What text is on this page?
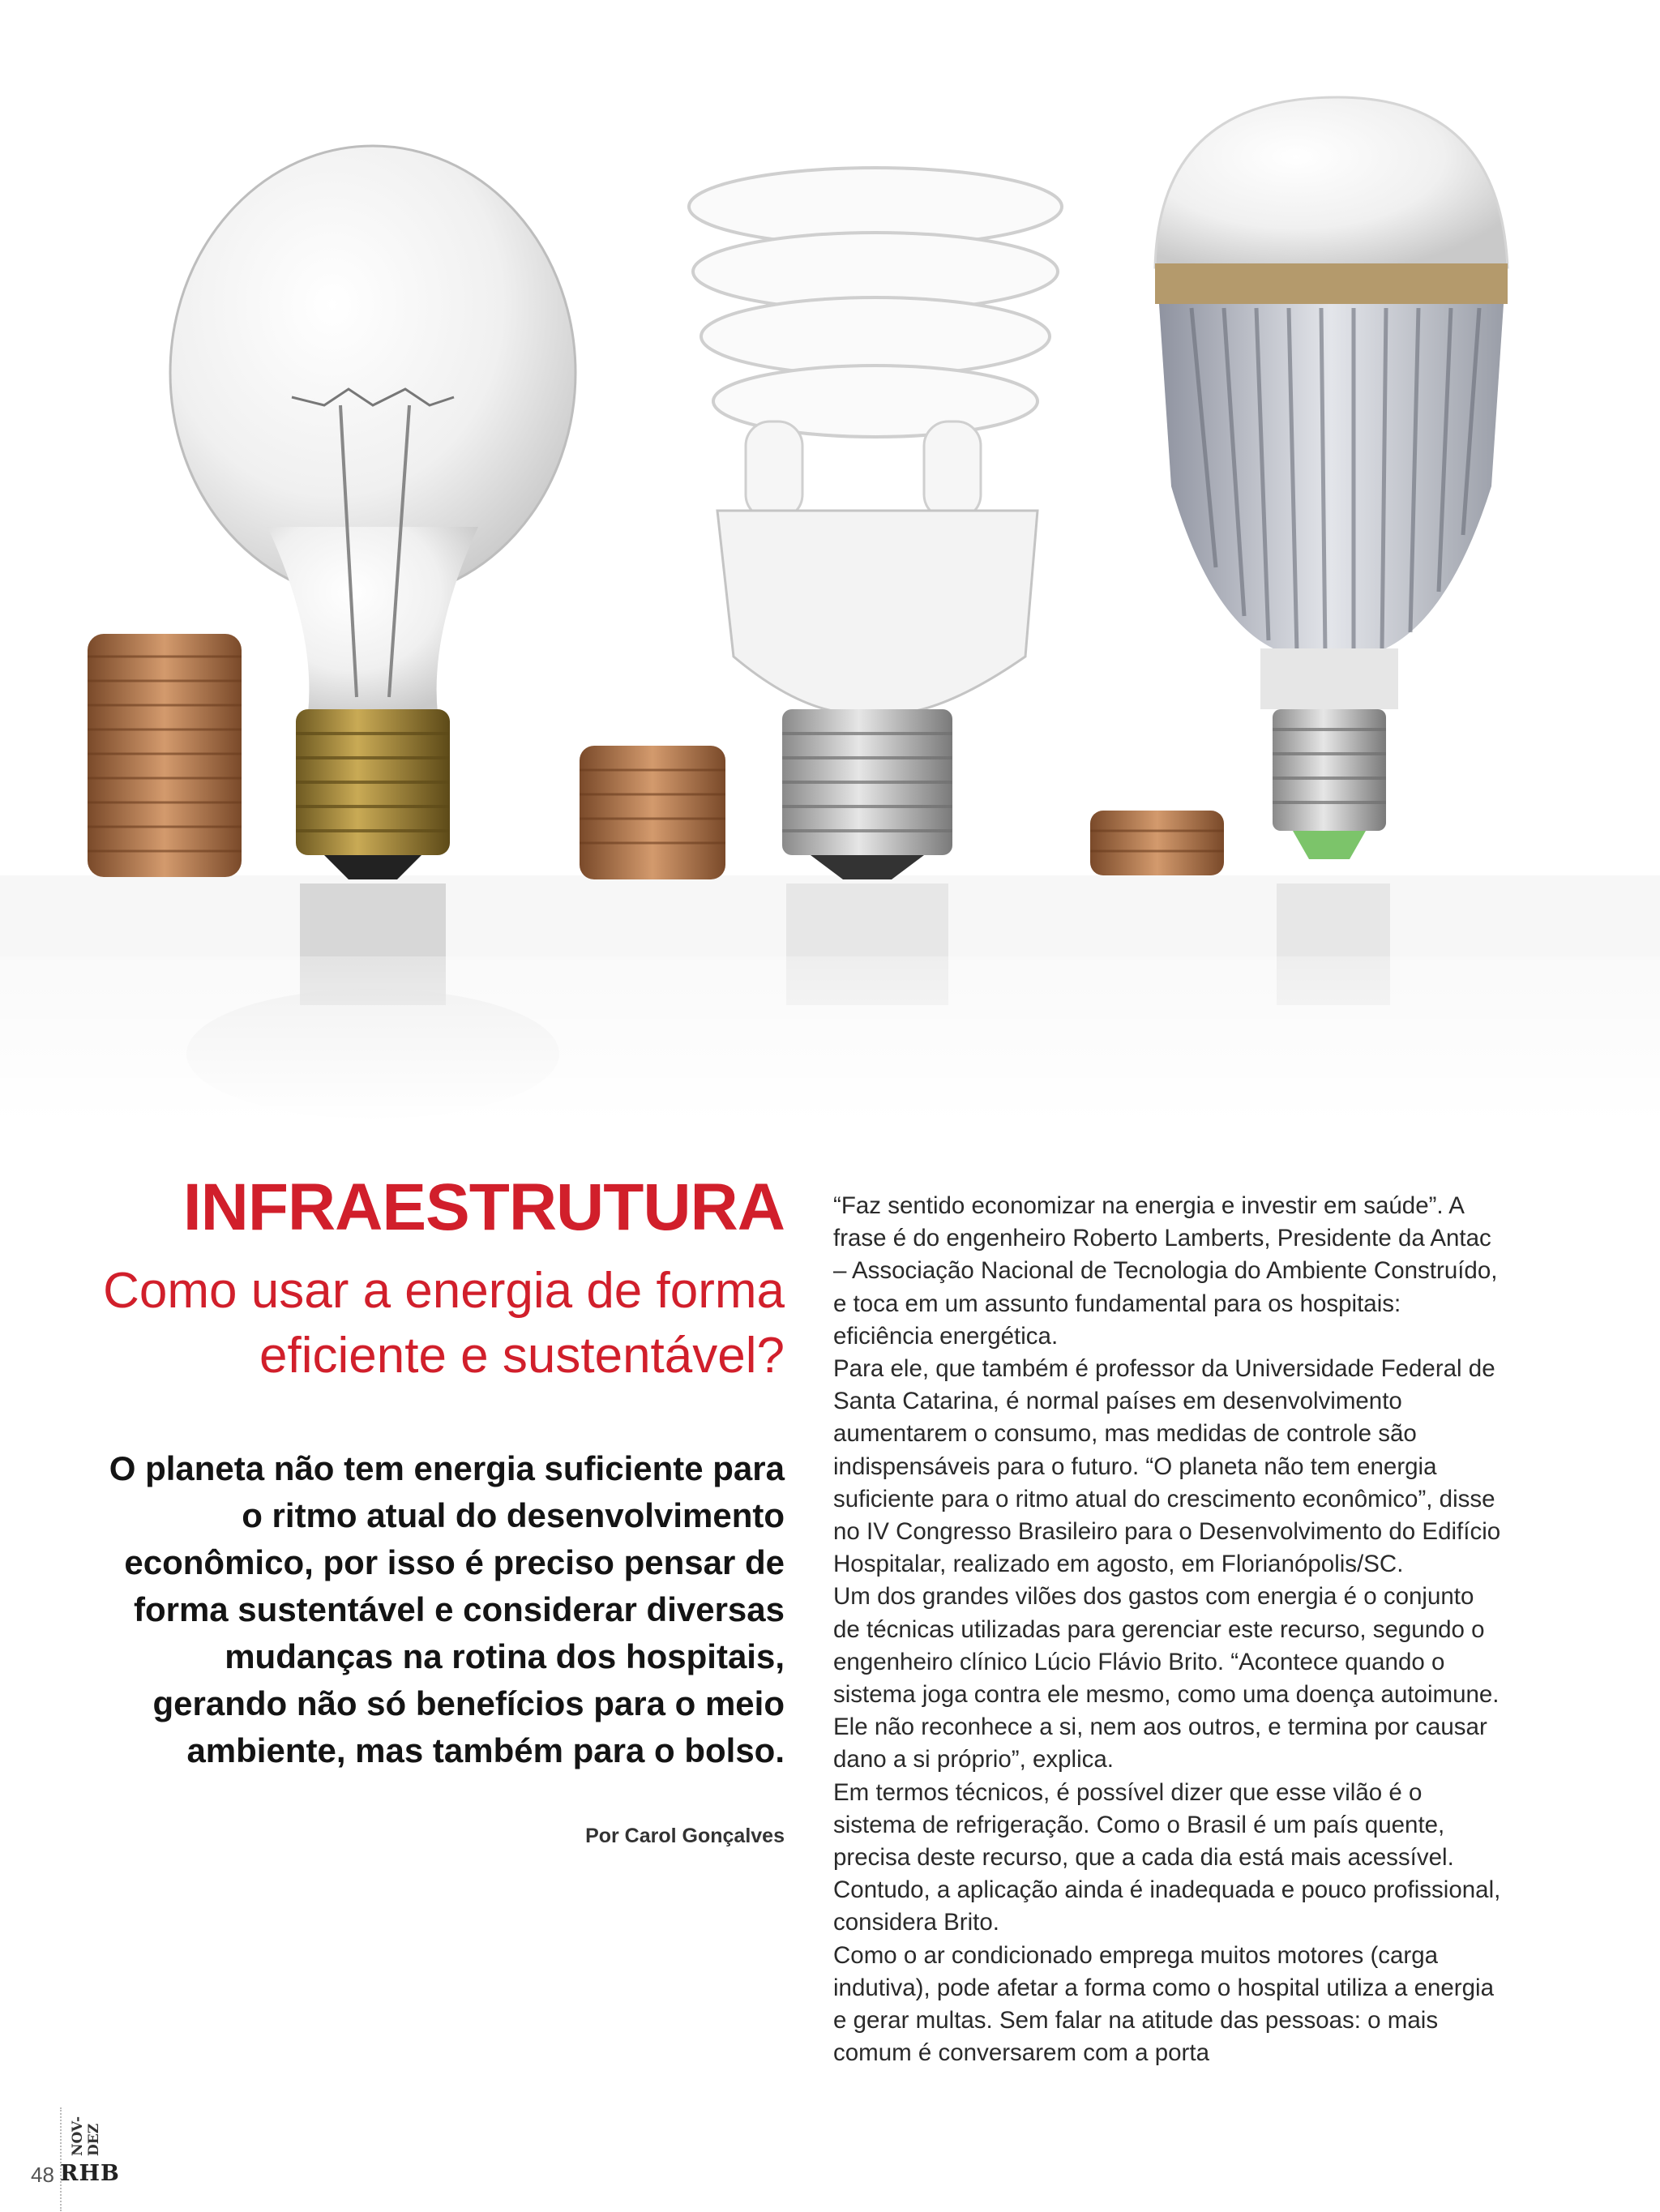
INFRAESTRUTURA
Como usar a energia de forma eficiente e sustentável?

O planeta não tem energia suficiente para o ritmo atual do desenvolvimento econômico, por isso é preciso pensar de forma sustentável e considerar diversas mudanças na rotina dos hospitais, gerando não só benefícios para o meio ambiente, mas também para o bolso.

Por Carol Gonçalves

“Faz sentido economizar na energia e investir em saúde”. A frase é do engenheiro Roberto Lamberts, Presidente da Antac – Associação Nacional de Tecnologia do Ambiente Construído, e toca em um assunto fundamental para os hospitais: eficiência energética.

Para ele, que também é professor da Universidade Federal de Santa Catarina, é normal países em desenvolvimento aumentarem o consumo, mas medidas de controle são indispensáveis para o futuro. “O planeta não tem energia suficiente para o ritmo atual do crescimento econômico”, disse no IV Congresso Brasileiro para o Desenvolvimento do Edifício Hospitalar, realizado em agosto, em Florianópolis/SC.

Um dos grandes vilões dos gastos com energia é o conjunto de técnicas utilizadas para gerenciar este recurso, segundo o engenheiro clínico Lúcio Flávio Brito. “Acontece quando o sistema joga contra ele mesmo, como uma doença autoimune. Ele não reconhece a si, nem aos outros, e termina por causar dano a si próprio”, explica.

Em termos técnicos, é possível dizer que esse vilão é o sistema de refrigeração. Como o Brasil é um país quente, precisa deste recurso, que a cada dia está mais acessível. Contudo, a aplicação ainda é inadequada e pouco profissional, considera Brito.

Como o ar condicionado emprega muitos motores (carga indutiva), pode afetar a forma como o hospital utiliza a energia e gerar multas. Sem falar na atitude das pessoas: o mais comum é conversarem com a porta

NOV-DEZ
48 RHB
